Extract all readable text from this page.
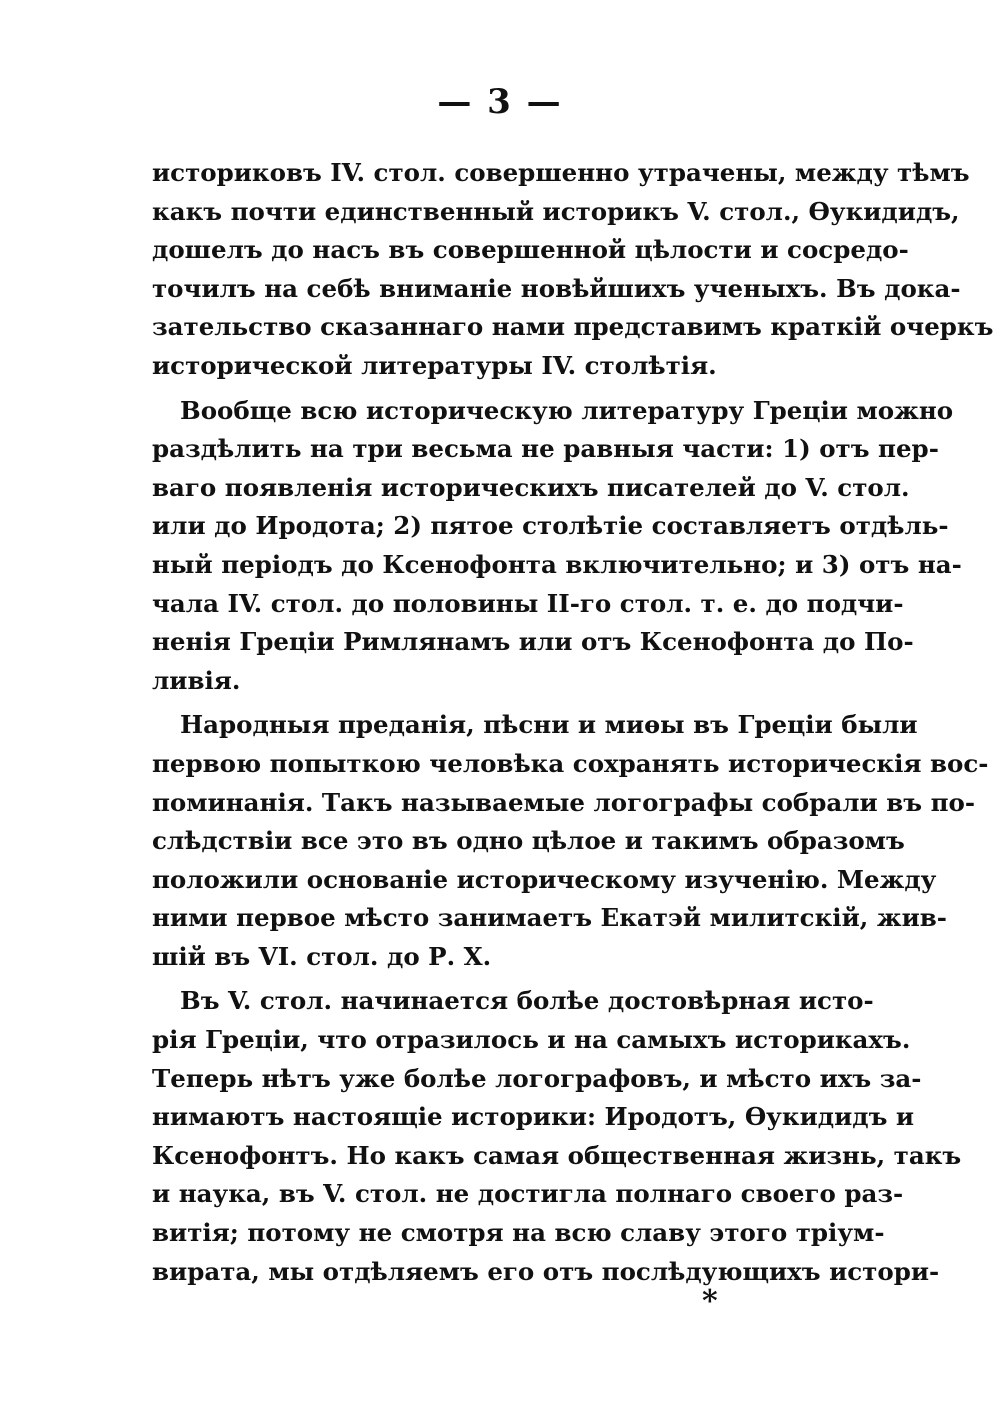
— 3 —
историковъ IV. стол. совершенно утрачены, между тѣмъ
какъ почти единственный историкъ V. стол., Ѳукидидъ,
дошелъ до насъ въ совершенной цѣлости и сосредо-
точилъ на себѣ вниманіе новѣйшихъ ученыхъ. Въ дока-
зательство сказаннаго нами представимъ краткій очеркъ
исторической литературы IV. столѣтія.
Вообще всю историческую литературу Греціи можно
раздѣлить на три весьма не равныя части: 1) отъ пер-
ваго появленія историческихъ писателей до V. стол.
или до Иродота; 2) пятое столѣтіе составляетъ отдѣль-
ный періодъ до Ксенофонта включительно; и 3) отъ на-
чала IV. стол. до половины II-го стол. т. е. до подчи-
ненія Греціи Римлянамъ или отъ Ксенофонта до По-
ливія.
Народныя преданія, пѣсни и миѳы въ Греціи были
первою попыткою человѣка сохранять историческія вос-
поминанія. Такъ называемые логографы собрали въ по-
слѣдствіи все это въ одно цѣлое и такимъ образомъ
положили основаніе историческому изученію. Между
ними первое мѣсто занимаетъ Екатэй милитскій, жив-
шій въ VI. стол. до Р. Х.
Въ V. стол. начинается болѣе достовѣрная исто-
рія Греціи, что отразилось и на самыхъ историкахъ.
Теперь нѣтъ уже болѣе логографовъ, и мѣсто ихъ за-
нимаютъ настоящіе историки: Иродотъ, Ѳукидидъ и
Ксенофонтъ. Но какъ самая общественная жизнь, такъ
и наука, въ V. стол. не достигла полнаго своего раз-
витія; потому не смотря на всю славу этого тріум-
вирата, мы отдѣляемъ его отъ послѣдующихъ истори-
*
